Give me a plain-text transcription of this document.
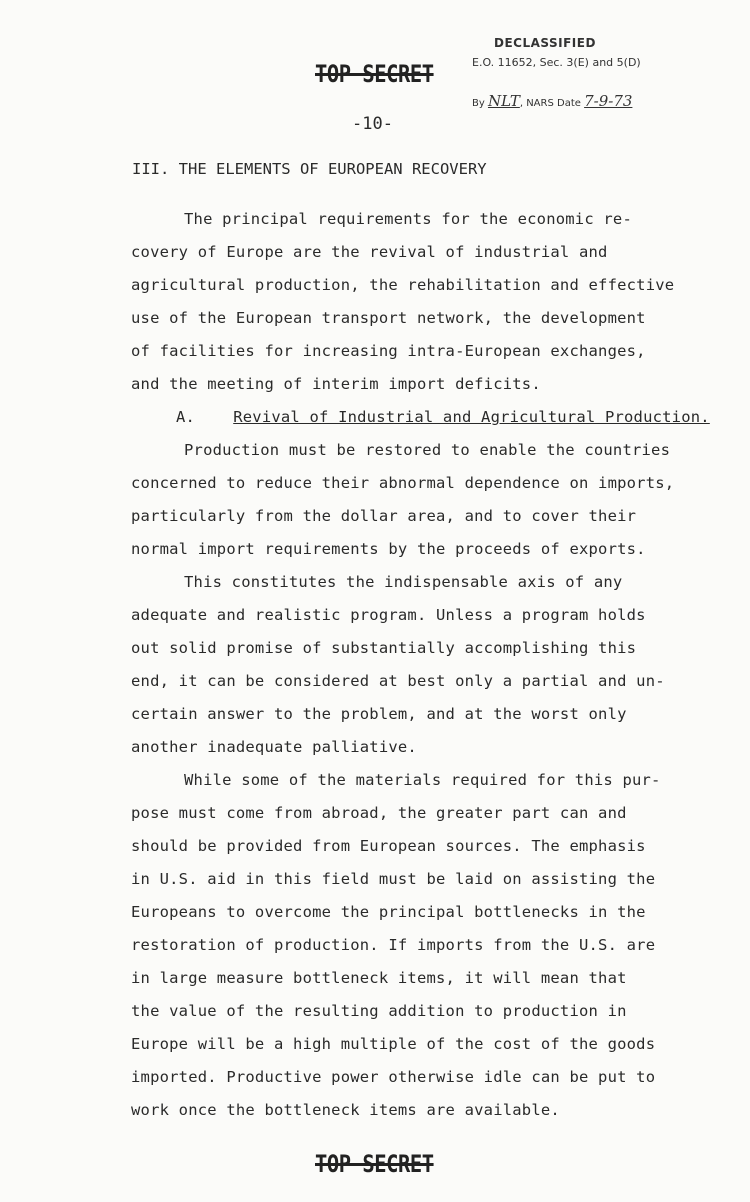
TOP SECRET
DECLASSIFIED
E.O. 11652, Sec. 3(E) and 5(D)
By NLT, NARS Date 7-9-73
-10-
III. THE ELEMENTS OF EUROPEAN RECOVERY
The principal requirements for the economic re-
covery of Europe are the revival of industrial and
agricultural production, the rehabilitation and effective
use of the European transport network, the development
of facilities for increasing intra-European exchanges,
and the meeting of interim import deficits.
A. Revival of Industrial and Agricultural Production.
Production must be restored to enable the countries
concerned to reduce their abnormal dependence on imports,
particularly from the dollar area, and to cover their
normal import requirements by the proceeds of exports.
This constitutes the indispensable axis of any
adequate and realistic program. Unless a program holds
out solid promise of substantially accomplishing this
end, it can be considered at best only a partial and un-
certain answer to the problem, and at the worst only
another inadequate palliative.
While some of the materials required for this pur-
pose must come from abroad, the greater part can and
should be provided from European sources. The emphasis
in U.S. aid in this field must be laid on assisting the
Europeans to overcome the principal bottlenecks in the
restoration of production. If imports from the U.S. are
in large measure bottleneck items, it will mean that
the value of the resulting addition to production in
Europe will be a high multiple of the cost of the goods
imported. Productive power otherwise idle can be put to
work once the bottleneck items are available.
TOP SECRET
